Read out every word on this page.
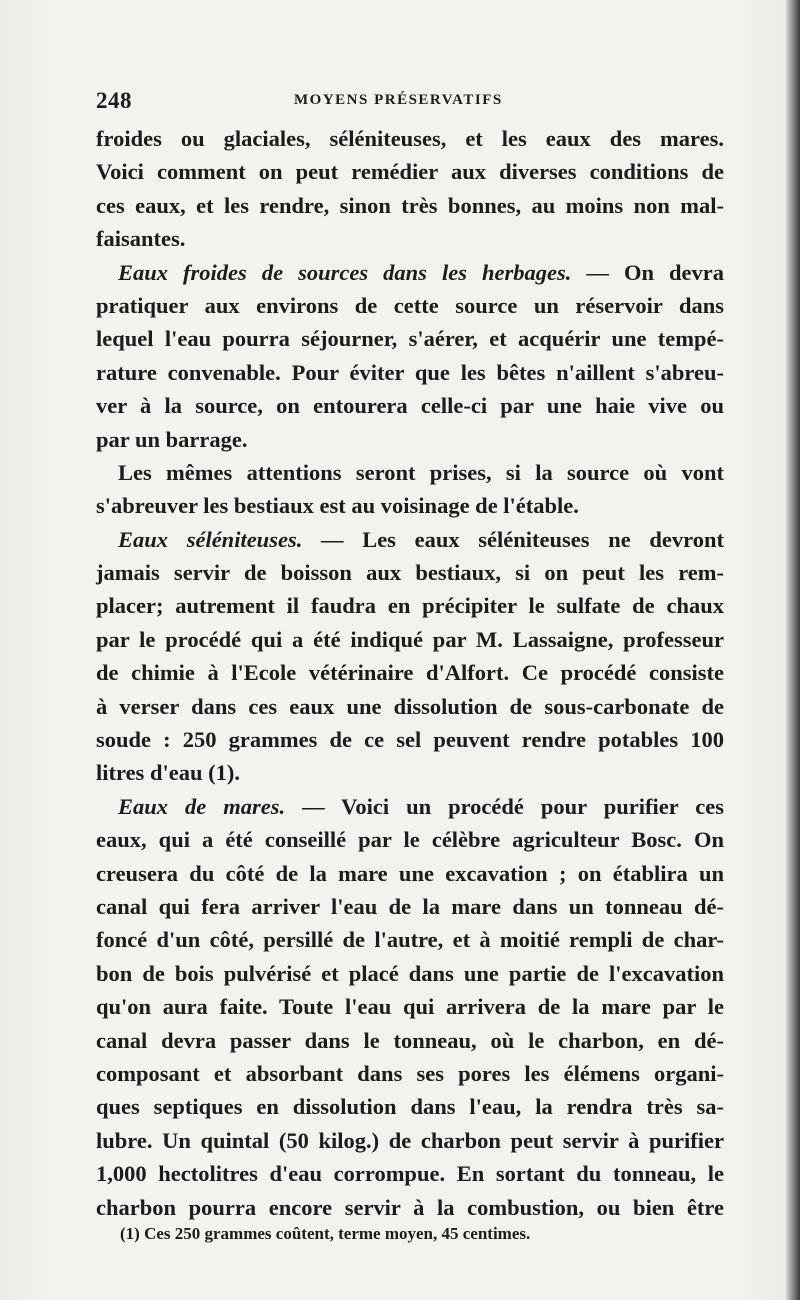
248	MOYENS PRÉSERVATIFS
froides ou glaciales, séléniteuses, et les eaux des mares.
Voici comment on peut remédier aux diverses conditions de
ces eaux, et les rendre, sinon très bonnes, au moins non mal-
faisantes.
Eaux froides de sources dans les herbages. — On devra
pratiquer aux environs de cette source un réservoir dans
lequel l'eau pourra séjourner, s'aérer, et acquérir une tempé-
rature convenable. Pour éviter que les bêtes n'aillent s'abreu-
ver à la source, on entourera celle-ci par une haie vive ou
par un barrage.
Les mêmes attentions seront prises, si la source où vont
s'abreuver les bestiaux est au voisinage de l'étable.
Eaux séléniteuses. — Les eaux séléniteuses ne devront
jamais servir de boisson aux bestiaux, si on peut les rem-
placer; autrement il faudra en précipiter le sulfate de chaux
par le procédé qui a été indiqué par M. Lassaigne, professeur
de chimie à l'Ecole vétérinaire d'Alfort. Ce procédé consiste
à verser dans ces eaux une dissolution de sous-carbonate de
soude : 250 grammes de ce sel peuvent rendre potables 100
litres d'eau (1).
Eaux de mares. — Voici un procédé pour purifier ces
eaux, qui a été conseillé par le célèbre agriculteur Bosc. On
creusera du côté de la mare une excavation ; on établira un
canal qui fera arriver l'eau de la mare dans un tonneau dé-
foncé d'un côté, persillé de l'autre, et à moitié rempli de char-
bon de bois pulvérisé et placé dans une partie de l'excavation
qu'on aura faite. Toute l'eau qui arrivera de la mare par le
canal devra passer dans le tonneau, où le charbon, en dé-
composant et absorbant dans ses pores les élémens organi-
ques septiques en dissolution dans l'eau, la rendra très sa-
lubre. Un quintal (50 kilog.) de charbon peut servir à purifier
1,000 hectolitres d'eau corrompue. En sortant du tonneau, le
charbon pourra encore servir à la combustion, ou bien être
(1) Ces 250 grammes coûtent, terme moyen, 45 centimes.
